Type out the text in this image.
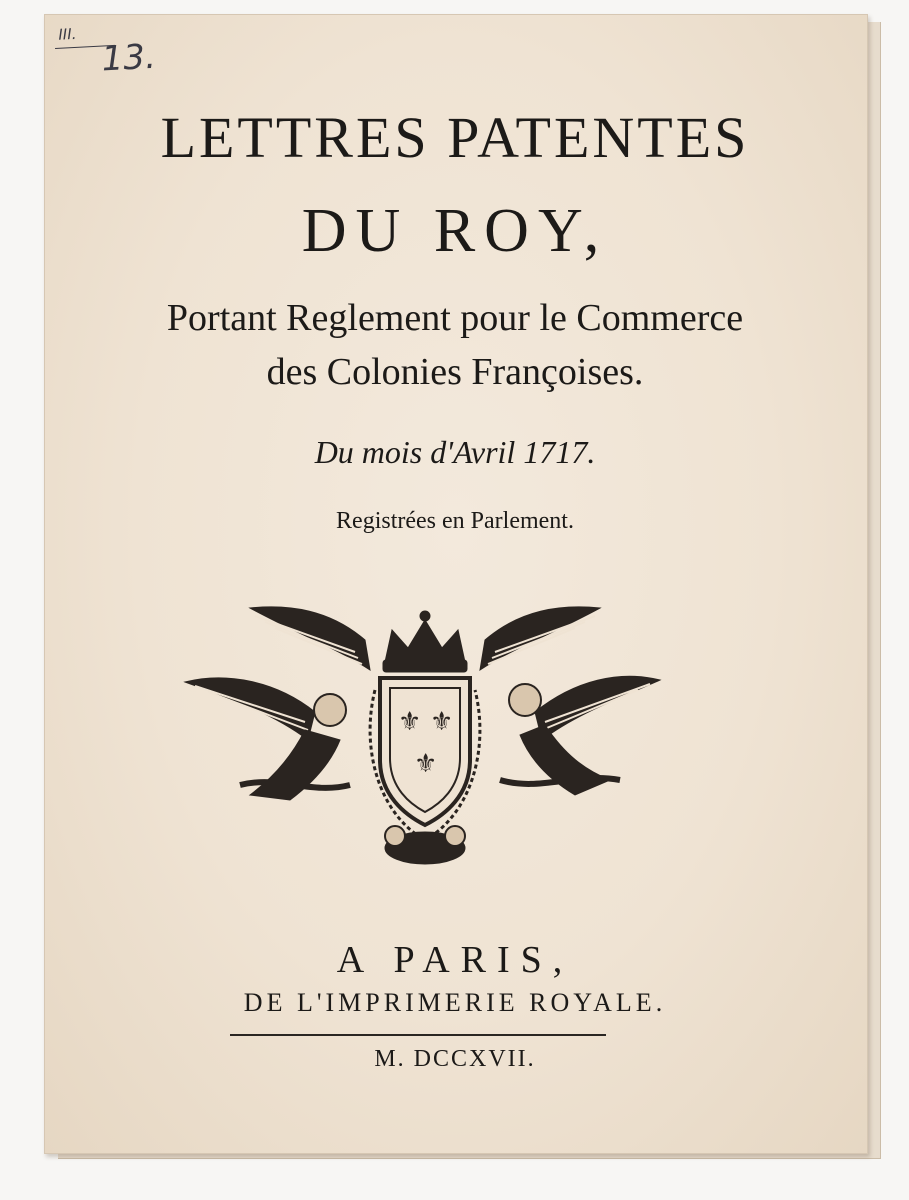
III.
13.
LETTRES PATENTES
DU ROY,
Portant Reglement pour le Commerce
des Colonies Françoises.
Du mois d'Avril 1717.
Registrées en Parlement.
⚜ ⚜
⚜
A PARIS,
DE L'IMPRIMERIE ROYALE.
M. DCCXVII.
